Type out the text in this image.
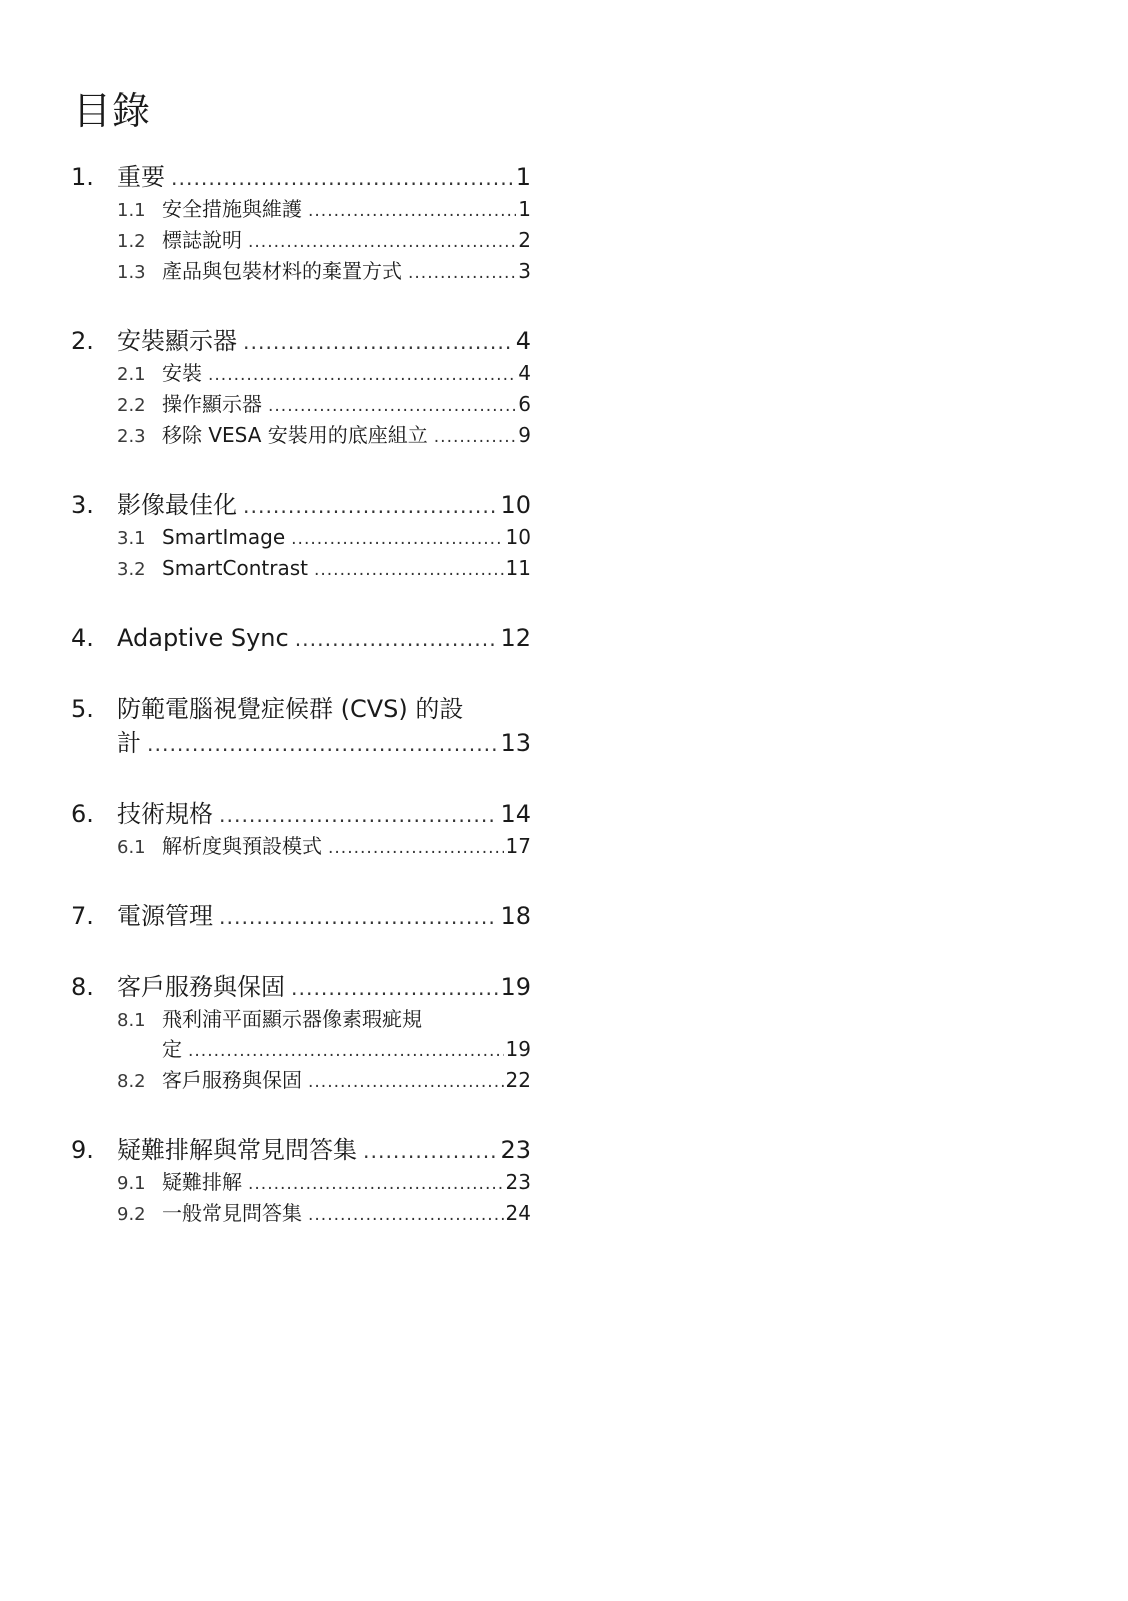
目錄
1. 重要 .....	1
1.1 安全措施與維護 .....	1
1.2 標誌說明 .....	2
1.3 產品與包裝材料的棄置方式 .....	3
2. 安裝顯示器 .....	4
2.1 安裝 .....	4
2.2 操作顯示器 .....	6
2.3 移除 VESA 安裝用的底座組立 .....	9
3. 影像最佳化 .....	10
3.1 SmartImage .....	10
3.2 SmartContrast .....	11
4. Adaptive Sync .....	12
5. 防範電腦視覺症候群 (CVS) 的設
計 .....	13
6. 技術規格 .....	14
6.1 解析度與預設模式 .....	17
7. 電源管理 .....	18
8. 客戶服務與保固 .....	19
8.1 飛利浦平面顯示器像素瑕疵規
定 .....	19
8.2 客戶服務與保固 .....	22
9. 疑難排解與常見問答集 .....	23
9.1 疑難排解 .....	23
9.2 一般常見問答集 .....	24
